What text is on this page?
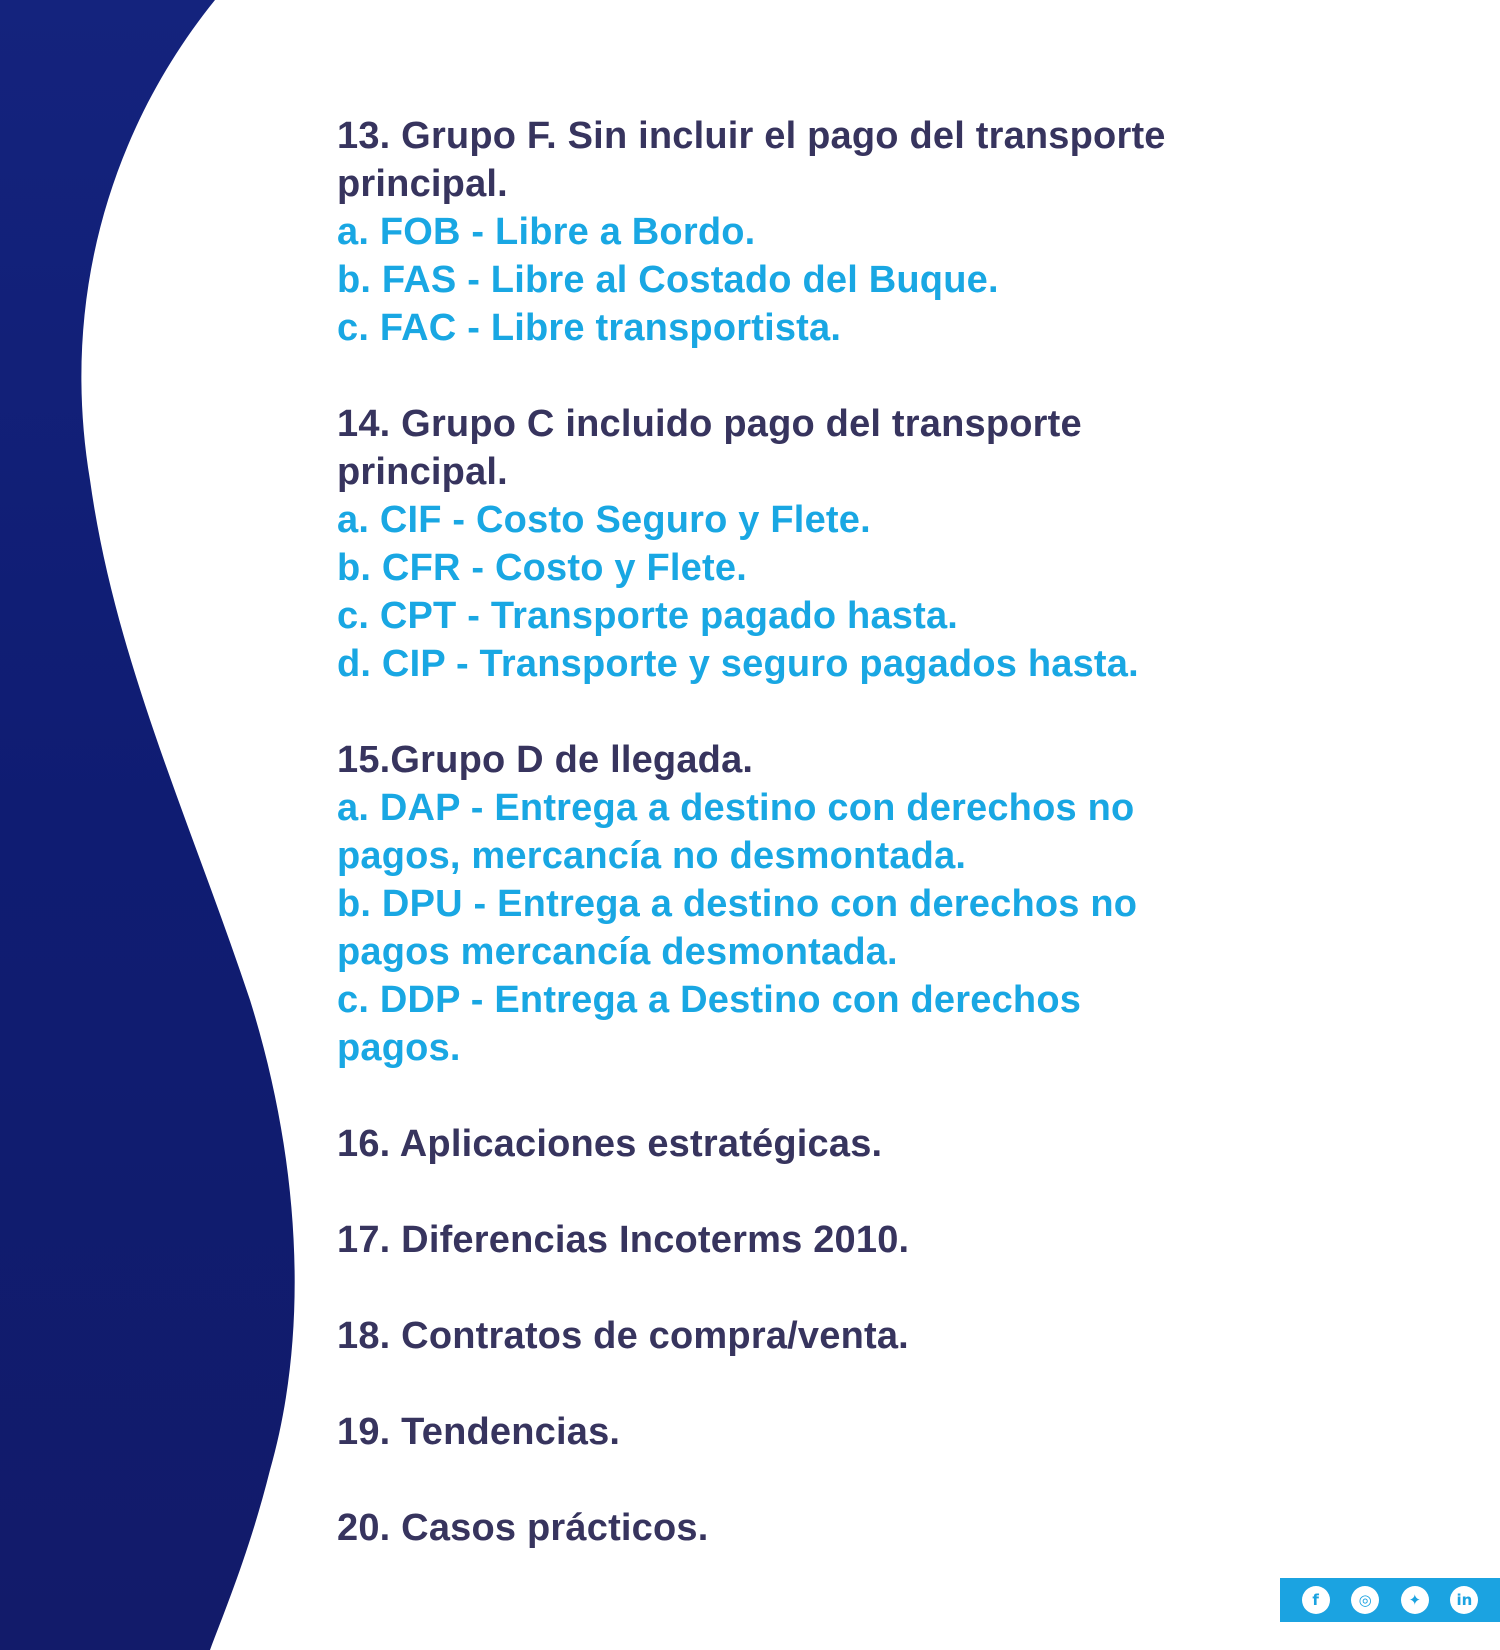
13. Grupo F. Sin incluir el pago del transporte
principal.
a. FOB - Libre a Bordo.
b. FAS - Libre al Costado del Buque.
c. FAC - Libre transportista.
14. Grupo C incluido pago del transporte
principal.
a. CIF - Costo Seguro y Flete.
b. CFR - Costo y Flete.
c. CPT - Transporte pagado hasta.
d. CIP - Transporte y seguro pagados hasta.
15.Grupo D de llegada.
a. DAP - Entrega a destino con derechos no
pagos, mercancía no desmontada.
b. DPU - Entrega a destino con derechos no
pagos mercancía desmontada.
c. DDP - Entrega a Destino con derechos
pagos.
16. Aplicaciones estratégicas.
17. Diferencias Incoterms 2010.
18. Contratos de compra/venta.
19. Tendencias.
20. Casos prácticos.
f	◎	✦	in
